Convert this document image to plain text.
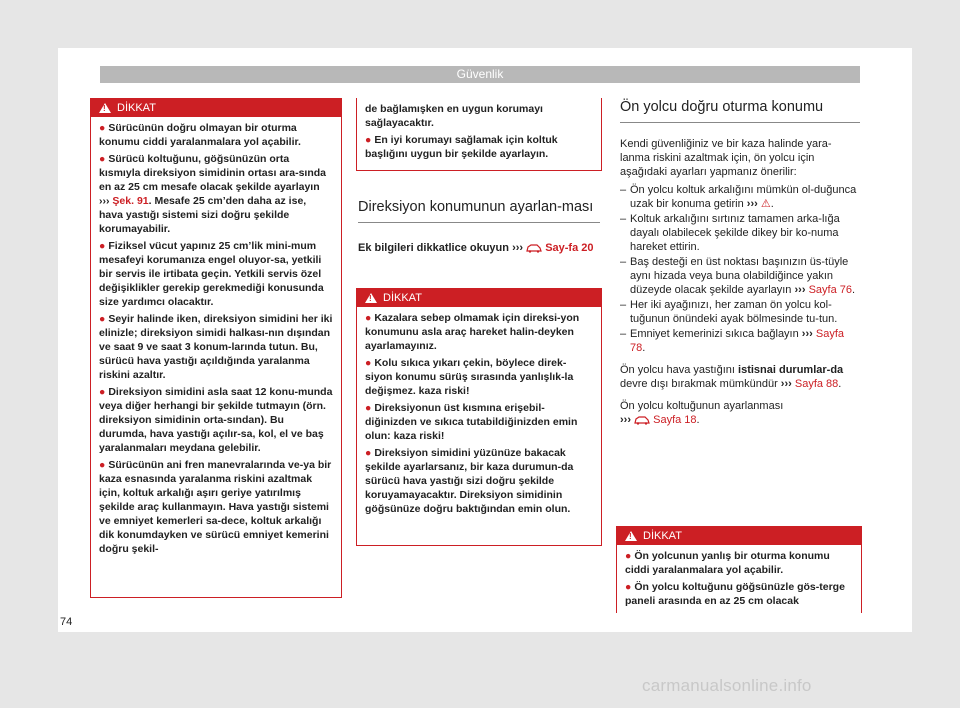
Güvenlik
!
DİKKAT
● Sürücünün doğru olmayan bir oturma konumu ciddi yaralanmalara yol açabilir.
● Sürücü koltuğunu, göğsünüzün orta kısmıyla direksiyon simidinin ortası ara-sında en az 25 cm mesafe olacak şekilde ayarlayın ››› Şek. 91. Mesafe 25 cm’den daha az ise, hava yastığı sistemi sizi doğru şekilde korumayabilir.
● Fiziksel vücut yapınız 25 cm’lik mini-mum mesafeyi korumanıza engel oluyor-sa, yetkili bir servis ile irtibata geçin. Yetkili servis özel değişiklikler gerekip gerekmediği konusunda size yardımcı olacaktır.
● Seyir halinde iken, direksiyon simidini her iki elinizle; direksiyon simidi halkası-nın dışından ve saat 9 ve saat 3 konum-larında tutun. Bu, sürücü hava yastığı açıldığında yaralanma riskini azaltır.
● Direksiyon simidini asla saat 12 konu-munda veya diğer herhangi bir şekilde tutmayın (örn. direksiyon simidinin orta-sından). Bu durumda, hava yastığı açılır-sa, kol, el ve baş yaralanmaları meydana gelebilir.
● Sürücünün ani fren manevralarında ve-ya bir kaza esnasında yaralanma riskini azaltmak için, koltuk arkalığı aşırı geriye yatırılmış şekilde araç kullanmayın. Hava yastığı sistemi ve emniyet kemerleri sa-dece, koltuk arkalığı dik konumdayken ve sürücü emniyet kemerini doğru şekil-
de bağlamışken en uygun korumayı sağlayacaktır.
● En iyi korumayı sağlamak için koltuk başlığını uygun bir şekilde ayarlayın.
Direksiyon konumunun ayarlan-ması

Ek bilgileri dikkatlice okuyun ››› Say-fa 20

!
DİKKAT
● Kazalara sebep olmamak için direksi-yon konumunu asla araç hareket halin-deyken ayarlamayınız.
● Kolu sıkıca yıkarı çekin, böylece direk-siyon konumu sürüş sırasında yanlışlık-la değişmez. kaza riski!
● Direksiyonun üst kısmına erişebil-diğinizden ve sıkıca tutabildiğinizden emin olun: kaza riski!
● Direksiyon simidini yüzünüze bakacak şekilde ayarlarsanız, bir kaza durumun-da sürücü hava yastığı sizi doğru şekilde koruyamayacaktır. Direksiyon simidinin göğsünüze doğru baktığından emin olun.
Ön yolcu doğru oturma konumu

Kendi güvenliğiniz ve bir kaza halinde yara-lanma riskini azaltmak için, ön yolcu için aşağıdaki ayarları yapmanız önerilir:

– Ön yolcu koltuk arkalığını mümkün ol-duğunca uzak bir konuma getirin ››› ⚠.
– Koltuk arkalığını sırtınız tamamen arka-lığa dayalı olabilecek şekilde dikey bir ko-numa hareket ettirin.
– Baş desteği en üst noktası başınızın üs-tüyle aynı hizada veya buna olabildiğince yakın düzeyde olacak şekilde ayarlayın ››› Sayfa 76.
– Her iki ayağınızı, her zaman ön yolcu kol-tuğunun önündeki ayak bölmesinde tu-tun.
– Emniyet kemerinizi sıkıca bağlayın ››› Sayfa 78.

Ön yolcu hava yastığını istisnai durumlar-da devre dışı bırakmak mümkündür ››› Sayfa 88.

Ön yolcu koltuğunun ayarlanması
››› Sayfa 18.

!
DİKKAT
● Ön yolcunun yanlış bir oturma konumu ciddi yaralanmalara yol açabilir.
● Ön yolcu koltuğunu göğsünüzle gös-terge paneli arasında en az 25 cm olacak
74
carmanualsonline.info
